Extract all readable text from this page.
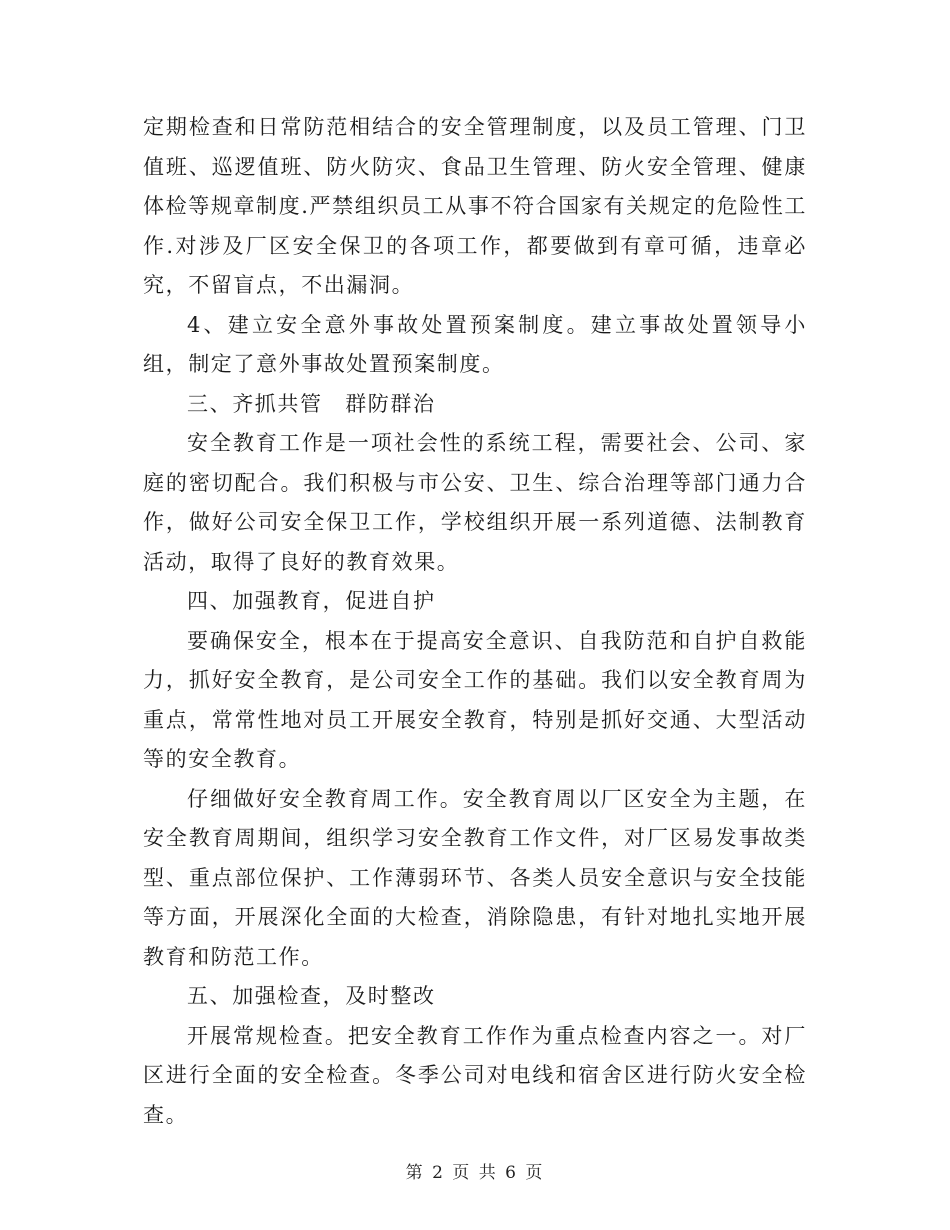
定期检查和日常防范相结合的安全管理制度，以及员工管理、门卫值班、巡逻值班、防火防灾、食品卫生管理、防火安全管理、健康体检等规章制度.严禁组织员工从事不符合国家有关规定的危险性工作.对涉及厂区安全保卫的各项工作，都要做到有章可循，违章必究，不留盲点，不出漏洞。

4、建立安全意外事故处置预案制度。建立事故处置领导小组，制定了意外事故处置预案制度。

三、齐抓共管　群防群治

安全教育工作是一项社会性的系统工程，需要社会、公司、家庭的密切配合。我们积极与市公安、卫生、综合治理等部门通力合作，做好公司安全保卫工作，学校组织开展一系列道德、法制教育活动，取得了良好的教育效果。

四、加强教育，促进自护

要确保安全，根本在于提高安全意识、自我防范和自护自救能力，抓好安全教育，是公司安全工作的基础。我们以安全教育周为重点，常常性地对员工开展安全教育，特别是抓好交通、大型活动等的安全教育。

仔细做好安全教育周工作。安全教育周以厂区安全为主题，在安全教育周期间，组织学习安全教育工作文件，对厂区易发事故类型、重点部位保护、工作薄弱环节、各类人员安全意识与安全技能等方面，开展深化全面的大检查，消除隐患，有针对地扎实地开展教育和防范工作。

五、加强检查，及时整改

开展常规检查。把安全教育工作作为重点检查内容之一。对厂区进行全面的安全检查。冬季公司对电线和宿舍区进行防火安全检查。

第 2 页 共 6 页
